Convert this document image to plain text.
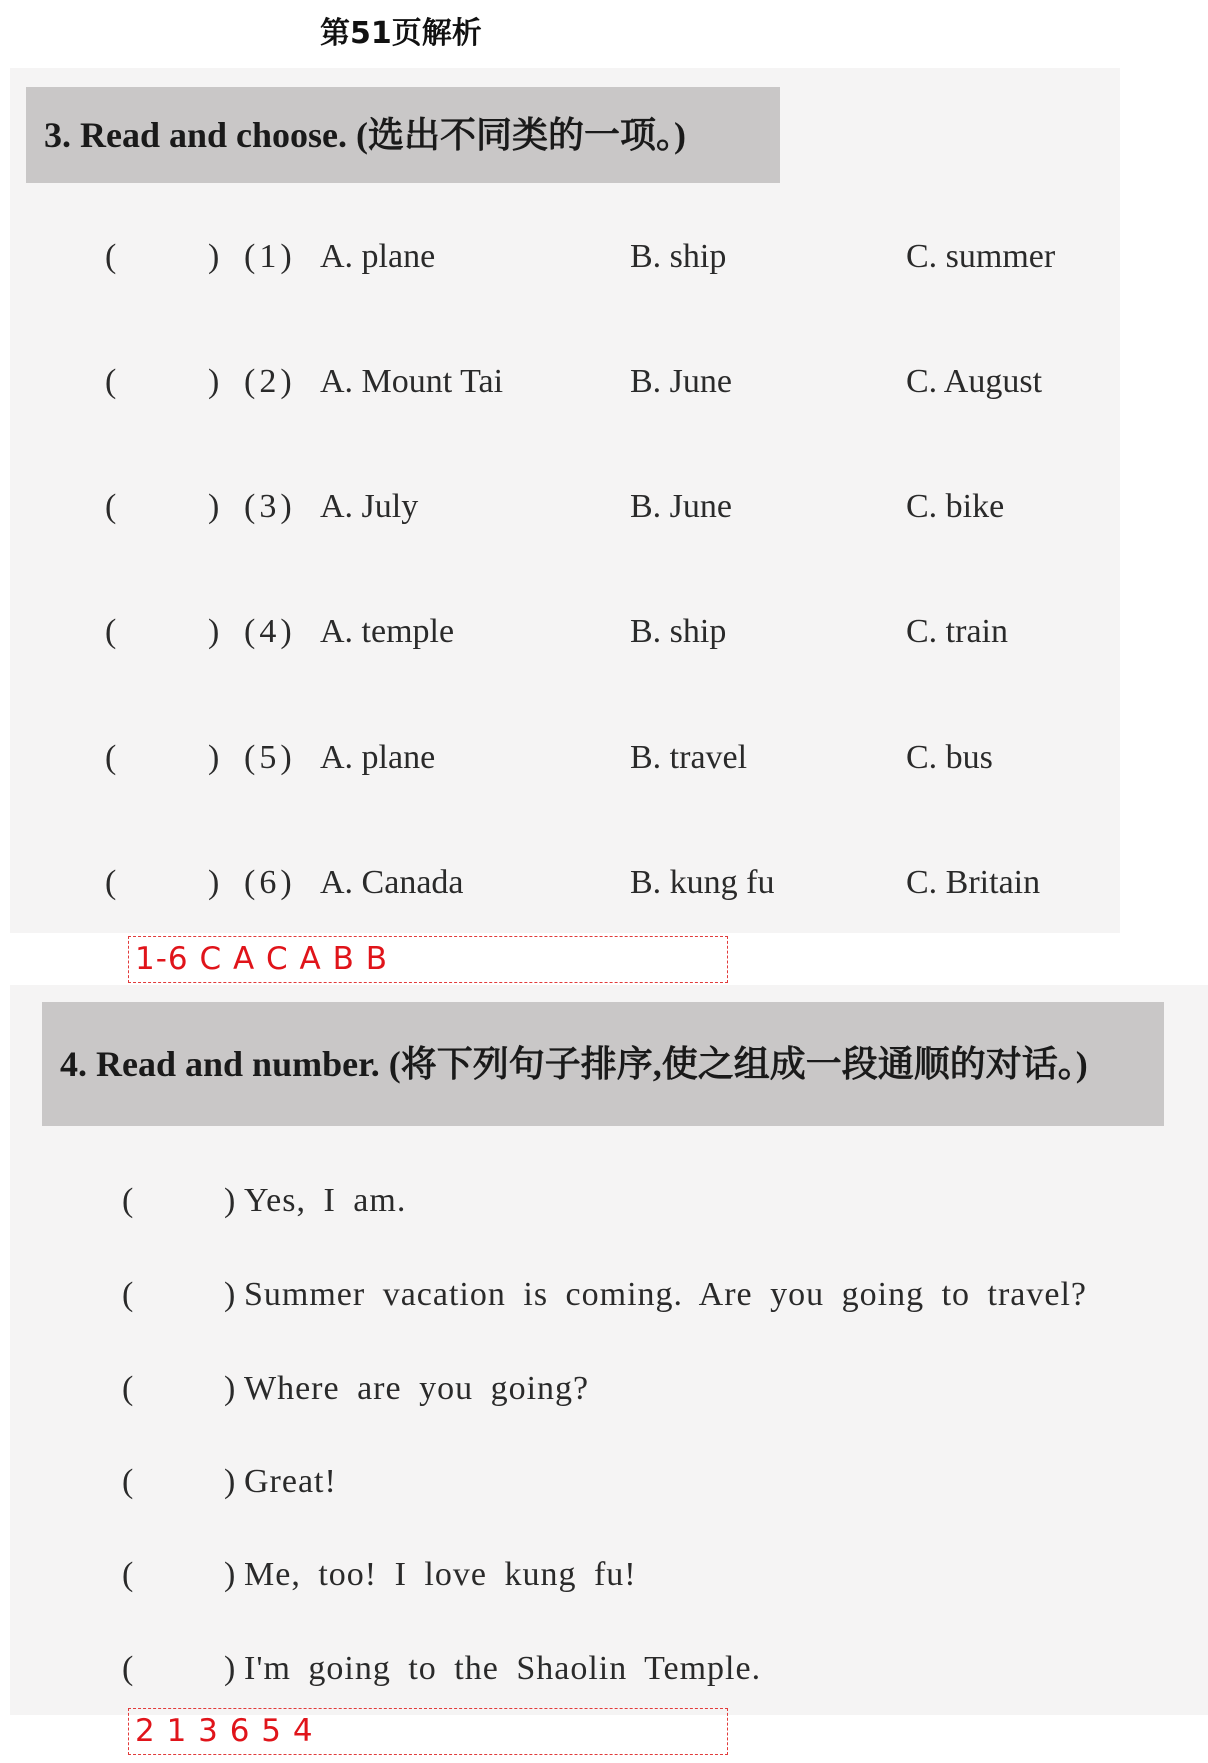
第51页解析
3. Read and choose. (选出不同类的一项。)
(	) (1) A. plane	B. ship	C. summer
(	) (2) A. Mount Tai	B. June	C. August
(	) (3) A. July	B. June	C. bike
(	) (4) A. temple	B. ship	C. train
(	) (5) A. plane	B. travel	C. bus
(	) (6) A. Canada	B. kung fu	C. Britain
1-6 C A C A B B
4. Read and number. (将下列句子排序,使之组成一段通顺的对话。)
(	) Yes, I am.
(	) Summer vacation is coming. Are you going to travel?
(	) Where are you going?
(	) Great!
(	) Me, too! I love kung fu!
(	) I'm going to the Shaolin Temple.
2 1 3 6 5 4
